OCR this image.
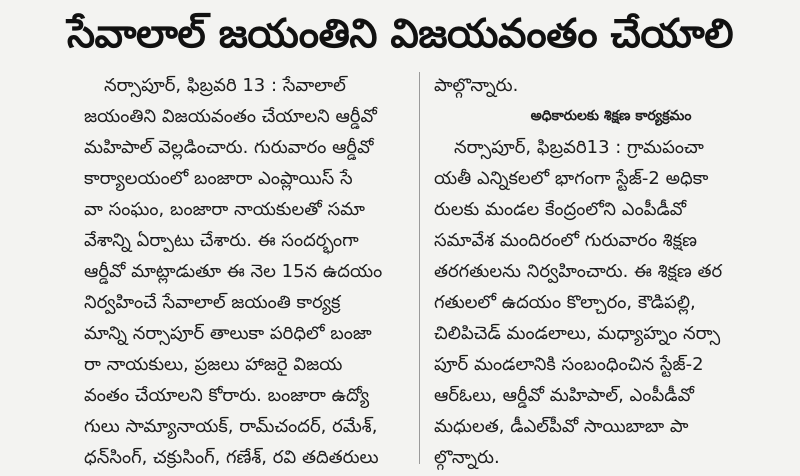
సేవాలాల్ జయంతిని విజయవంతం చేయాలి
నర్సాపూర్, ఫిబ్రవరి 13 : సేవాలాల్
జయంతిని విజయవంతం చేయాలని ఆర్డీవో
మహిపాల్ వెల్లడించారు. గురువారం ఆర్డీవో
కార్యాలయంలో బంజారా ఎంప్లాయిస్ సే
వా సంఘం, బంజారా నాయకులతో సమా
వేశాన్ని ఏర్పాటు చేశారు. ఈ సందర్భంగా
ఆర్డీవో మాట్లాడుతూ ఈ నెల 15న ఉదయం
నిర్వహించే సేవాలాల్ జయంతి కార్యక్ర
మాన్ని నర్సాపూర్ తాలుకా పరిధిలో బంజా
రా నాయకులు, ప్రజలు హాజరై విజయ
వంతం చేయాలని కోరారు. బంజారా ఉద్యో
గులు సామ్యానాయక్, రామ్‌చందర్, రమేశ్,
ధన్‌సింగ్, చక్రుసింగ్, గణేశ్, రవి తదితరులు
పాల్గొన్నారు.
అధికారులకు శిక్షణ కార్యక్రమం
నర్సాపూర్, ఫిబ్రవరి13 : గ్రామపంచా
యతీ ఎన్నికలలో భాగంగా స్టేజ్-2 అధికా
రులకు మండల కేంద్రంలోని ఎంపీడీవో
సమావేశ మందిరంలో గురువారం శిక్షణ
తరగతులను నిర్వహించారు. ఈ శిక్షణ తర
గతులలో ఉదయం కొల్చారం, కౌడిపల్లి,
చిలిపిచెడ్ మండలాలు, మధ్యాహ్నం నర్సా
పూర్ మండలానికి సంబంధించిన స్టేజ్-2
ఆర్ఓలు, ఆర్డీవో మహిపాల్, ఎంపీడీవో
మధులత, డీఎల్‌పీవో సాయిబాబా పా
ల్గొన్నారు.
